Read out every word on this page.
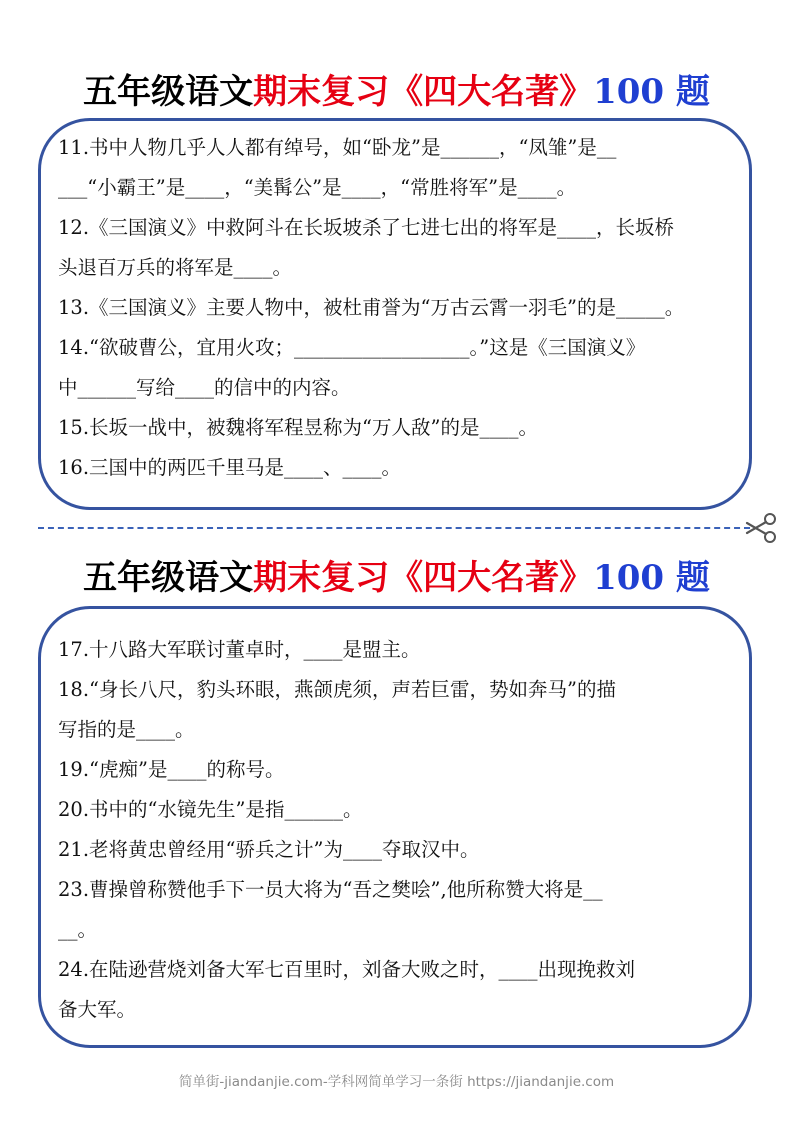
五年级语文期末复习《四大名著》100 题
11.书中人物几乎人人都有绰号，如“卧龙”是______，“凤雏”是__
___“小霸王”是____，“美髯公”是____，“常胜将军”是____。
12.《三国演义》中救阿斗在长坂坡杀了七进七出的将军是____，长坂桥
头退百万兵的将军是____。
13.《三国演义》主要人物中，被杜甫誉为“万古云霄一羽毛”的是_____。
14.“欲破曹公，宜用火攻；__________________。”这是《三国演义》
中______写给____的信中的内容。
15.长坂一战中，被魏将军程昱称为“万人敌”的是____。
16.三国中的两匹千里马是____、____。
五年级语文期末复习《四大名著》100 题
17.十八路大军联讨董卓时，____是盟主。
18.“身长八尺，豹头环眼，燕颌虎须，声若巨雷，势如奔马”的描
写指的是____。
19.“虎痴”是____的称号。
20.书中的“水镜先生”是指______。
21.老将黄忠曾经用“骄兵之计”为____夺取汉中。
23.曹操曾称赞他手下一员大将为“吾之樊哙”,他所称赞大将是__
__。
24.在陆逊营烧刘备大军七百里时，刘备大败之时，____出现挽救刘
备大军。
简单街-jiandanjie.com-学科网简单学习一条街 https://jiandanjie.com
